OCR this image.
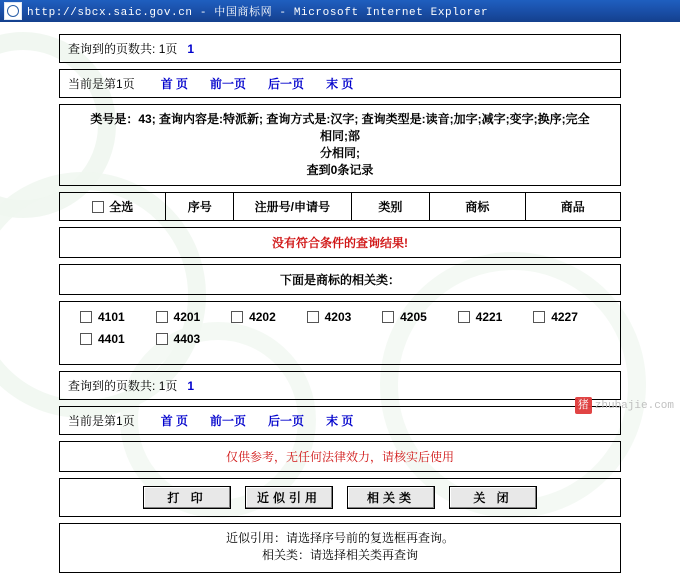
http://sbcx.saic.gov.cn - 中国商标网 - Microsoft Internet Explorer
查询到的页数共: 1页 1
当前是第1页 首 页 前一页 后一页 末 页
类号是：43; 查询内容是:特派新; 查询方式是:汉字; 查询类型是:读音;加字;减字;变字;换序;完全相同;部
分相同;
查到0条记录
全选	序号	注册号/申请号	类别	商标	商品
没有符合条件的查询结果!
下面是商标的相关类：
4101	4201	4202	4203	4205	4221	4227
4401	4403
查询到的页数共: 1页 1
当前是第1页 首 页 前一页 后一页 末 页
仅供参考，无任何法律效力，请核实后使用
打 印	近似引用	相关类	关 闭
近似引用：请选择序号前的复选框再查询。
相关类：请选择相关类再查询
猪 zhubajie.com
